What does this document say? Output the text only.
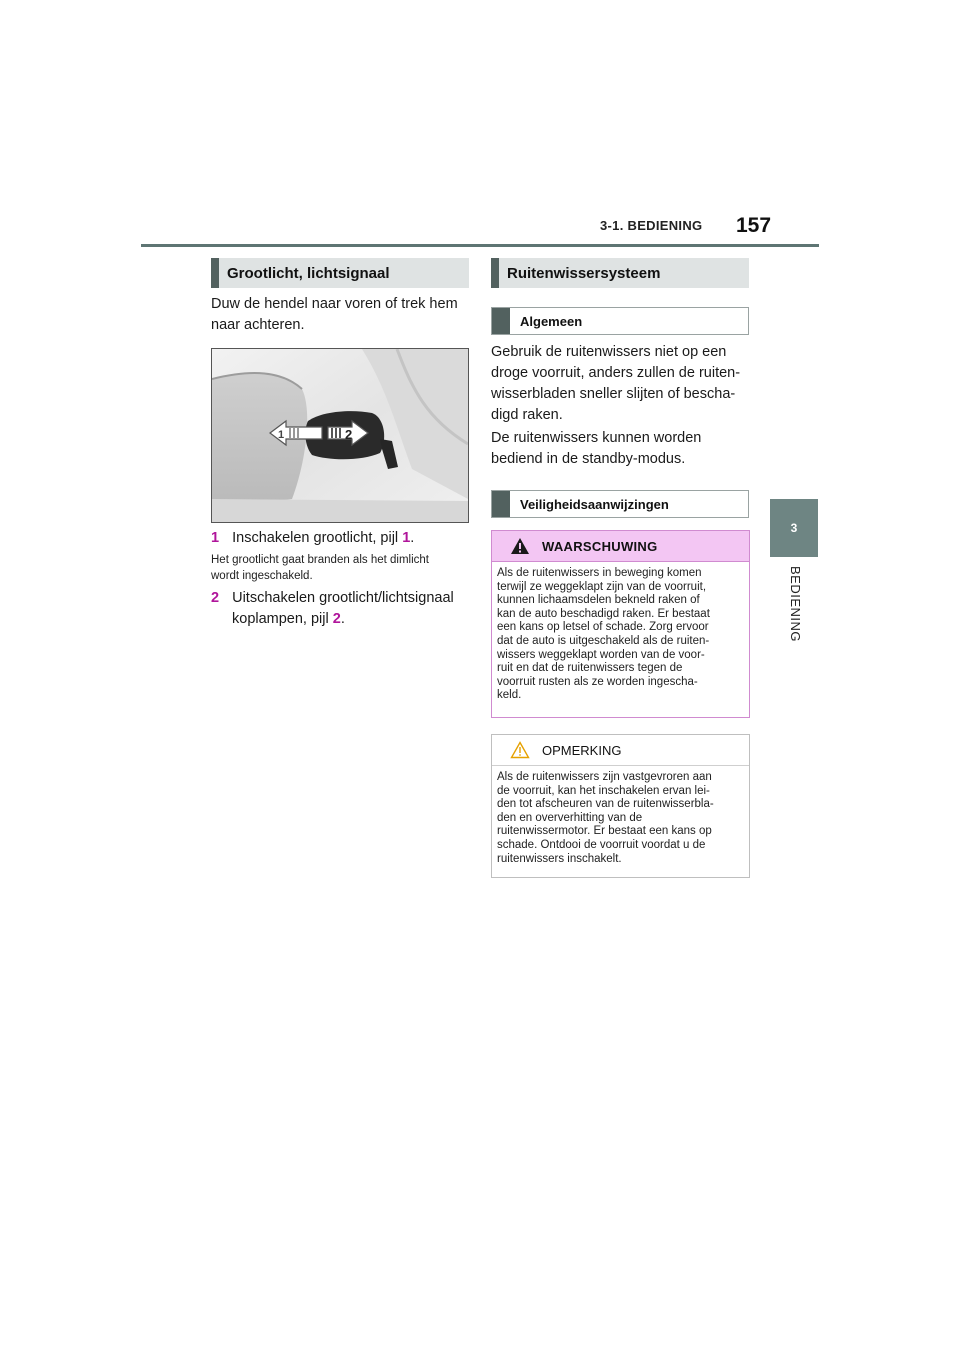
3-1. BEDIENING 157
3
BEDIENING
Grootlicht, lichtsignaal
Duw de hendel naar voren of trek hem
naar achteren.
1	2
1 Inschakelen grootlicht, pijl 1.
Het grootlicht gaat branden als het dimlicht
wordt ingeschakeld.
2 Uitschakelen grootlicht/lichtsignaal
koplampen, pijl 2.
Ruitenwissersysteem
Algemeen
Gebruik de ruitenwissers niet op een
droge voorruit, anders zullen de ruiten-
wisserbladen sneller slijten of bescha-
digd raken.
De ruitenwissers kunnen worden
bediend in de standby-modus.
Veiligheidsaanwijzingen
WAARSCHUWING
Als de ruitenwissers in beweging komen
terwijl ze weggeklapt zijn van de voorruit,
kunnen lichaamsdelen bekneld raken of
kan de auto beschadigd raken. Er bestaat
een kans op letsel of schade. Zorg ervoor
dat de auto is uitgeschakeld als de ruiten-
wissers weggeklapt worden van de voor-
ruit en dat de ruitenwissers tegen de
voorruit rusten als ze worden ingescha-
keld.
OPMERKING
Als de ruitenwissers zijn vastgevroren aan
de voorruit, kan het inschakelen ervan lei-
den tot afscheuren van de ruitenwisserbla-
den en oververhitting van de
ruitenwissermotor. Er bestaat een kans op
schade. Ontdooi de voorruit voordat u de
ruitenwissers inschakelt.
